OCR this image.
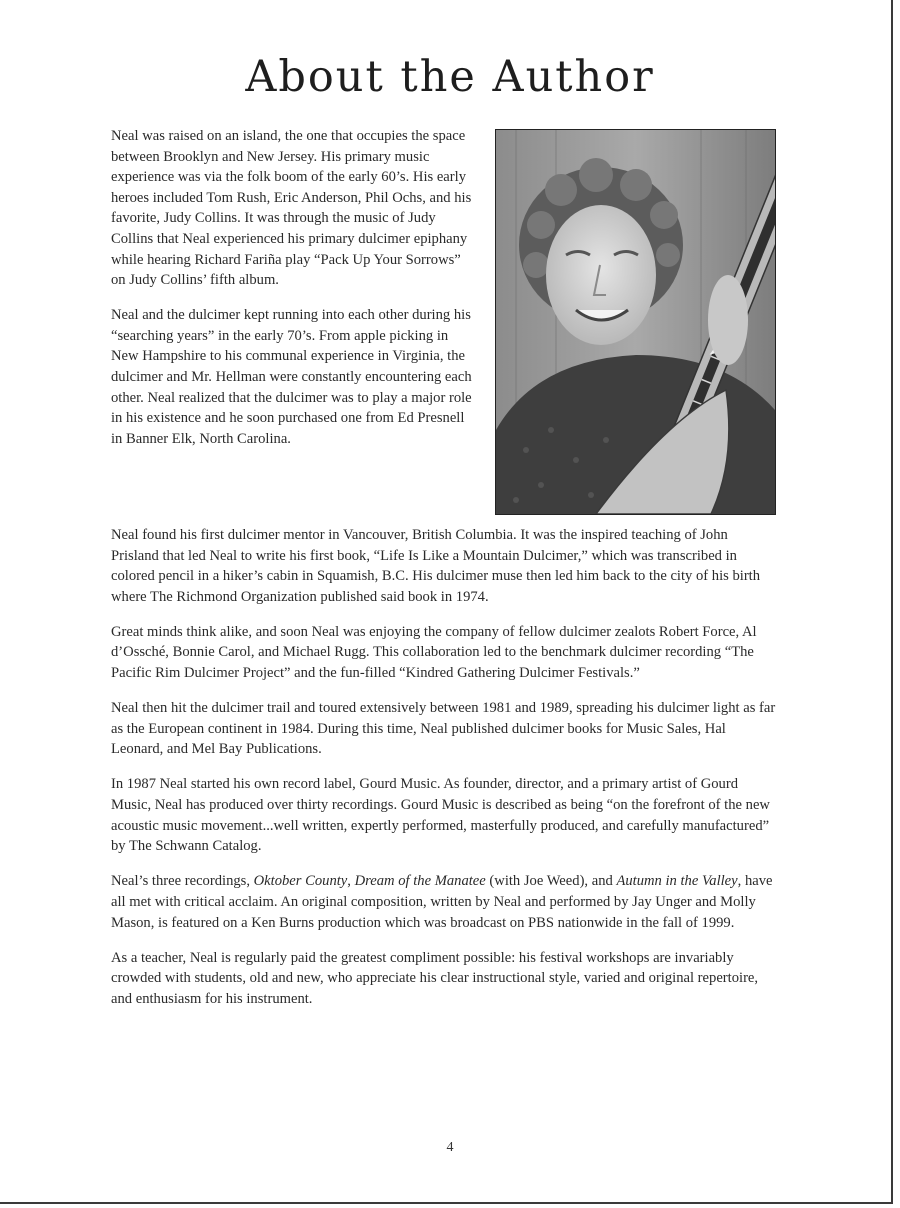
About the Author

Neal was raised on an island, the one that occupies the space between Brooklyn and New Jersey. His primary music experience was via the folk boom of the early 60’s. His early heroes included Tom Rush, Eric Anderson, Phil Ochs, and his favorite, Judy Collins. It was through the music of Judy Collins that Neal experienced his primary dulcimer epiphany while hearing Richard Fariña play “Pack Up Your Sorrows” on Judy Collins’ fifth album.

Neal and the dulcimer kept running into each other during his “searching years” in the early 70’s. From apple picking in New Hampshire to his communal experience in Virginia, the dulcimer and Mr. Hellman were constantly encountering each other. Neal realized that the dulcimer was to play a major role in his existence and he soon purchased one from Ed Presnell in Banner Elk, North Carolina.

Neal found his first dulcimer mentor in Vancouver, British Columbia. It was the inspired teaching of John Prisland that led Neal to write his first book, “Life Is Like a Mountain Dulcimer,” which was transcribed in colored pencil in a hiker’s cabin in Squamish, B.C. His dulcimer muse then led him back to the city of his birth where The Richmond Organization published said book in 1974.

Great minds think alike, and soon Neal was enjoying the company of fellow dulcimer zealots Robert Force, Al d’Ossché, Bonnie Carol, and Michael Rugg. This collaboration led to the benchmark dulcimer recording “The Pacific Rim Dulcimer Project” and the fun-filled “Kindred Gathering Dulcimer Festivals.”

Neal then hit the dulcimer trail and toured extensively between 1981 and 1989, spreading his dulcimer light as far as the European continent in 1984. During this time, Neal published dulcimer books for Music Sales, Hal Leonard, and Mel Bay Publications.

In 1987 Neal started his own record label, Gourd Music. As founder, director, and a primary artist of Gourd Music, Neal has produced over thirty recordings. Gourd Music is described as being “on the forefront of the new acoustic music movement...well written, expertly performed, masterfully produced, and carefully manufactured” by The Schwann Catalog.

Neal’s three recordings, Oktober County, Dream of the Manatee (with Joe Weed), and Autumn in the Valley, have all met with critical acclaim. An original composition, written by Neal and performed by Jay Unger and Molly Mason, is featured on a Ken Burns production which was broadcast on PBS nationwide in the fall of 1999.

As a teacher, Neal is regularly paid the greatest compliment possible: his festival workshops are invariably crowded with students, old and new, who appreciate his clear instructional style, varied and original repertoire, and enthusiasm for his instrument.

4
